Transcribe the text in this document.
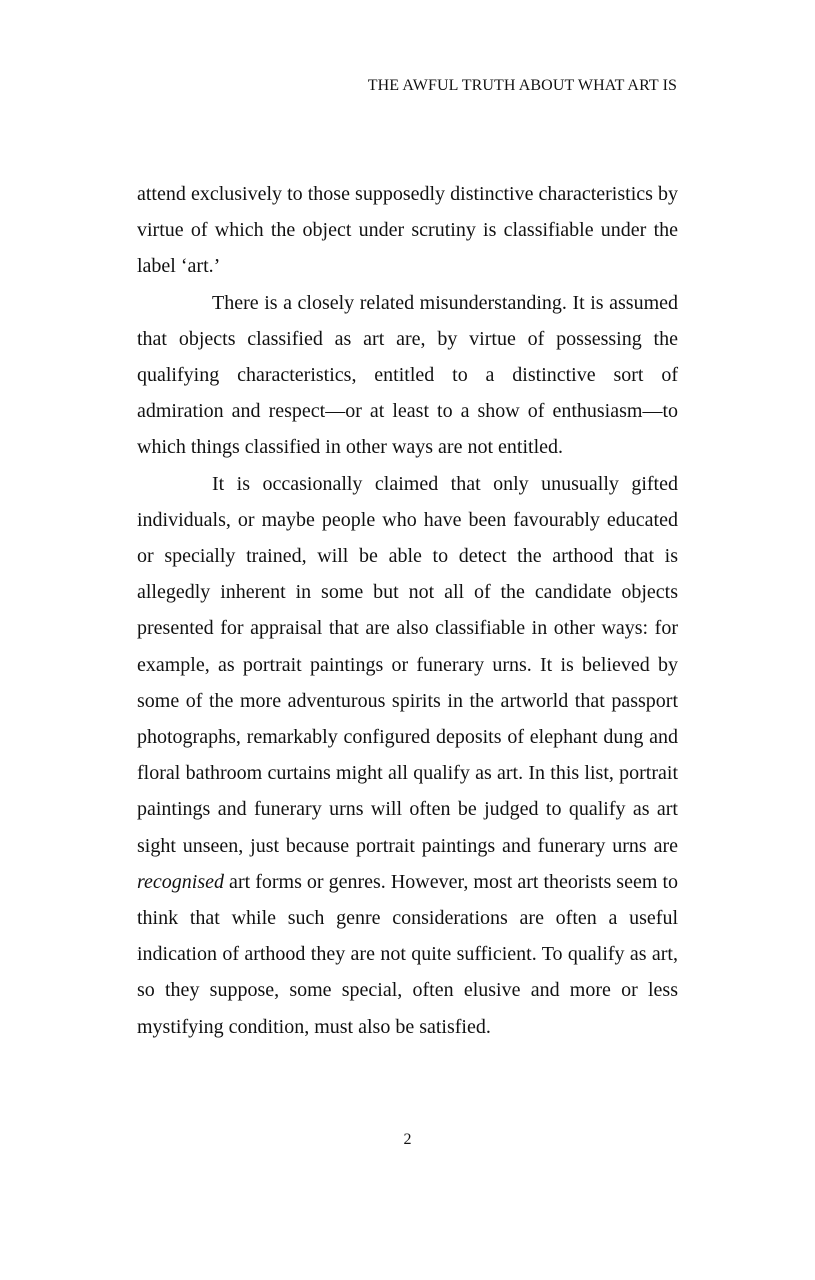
THE AWFUL TRUTH ABOUT WHAT ART IS

attend exclusively to those supposedly distinctive characteristics by virtue of which the object under scrutiny is classifiable under the label ‘art.’

There is a closely related misunderstanding. It is assumed that objects classified as art are, by virtue of possessing the qualifying characteristics, entitled to a distinctive sort of admiration and respect—or at least to a show of enthusiasm—to which things classified in other ways are not entitled.

It is occasionally claimed that only unusually gifted individuals, or maybe people who have been favourably educated or specially trained, will be able to detect the arthood that is allegedly inherent in some but not all of the candidate objects presented for appraisal that are also classifiable in other ways: for example, as portrait paintings or funerary urns. It is believed by some of the more adventurous spirits in the artworld that passport photographs, remarkably configured deposits of elephant dung and floral bathroom curtains might all qualify as art. In this list, portrait paintings and funerary urns will often be judged to qualify as art sight unseen, just because portrait paintings and funerary urns are recognised art forms or genres. However, most art theorists seem to think that while such genre considerations are often a useful indication of arthood they are not quite sufficient. To qualify as art, so they suppose, some special, often elusive and more or less mystifying condition, must also be satisfied.

2
